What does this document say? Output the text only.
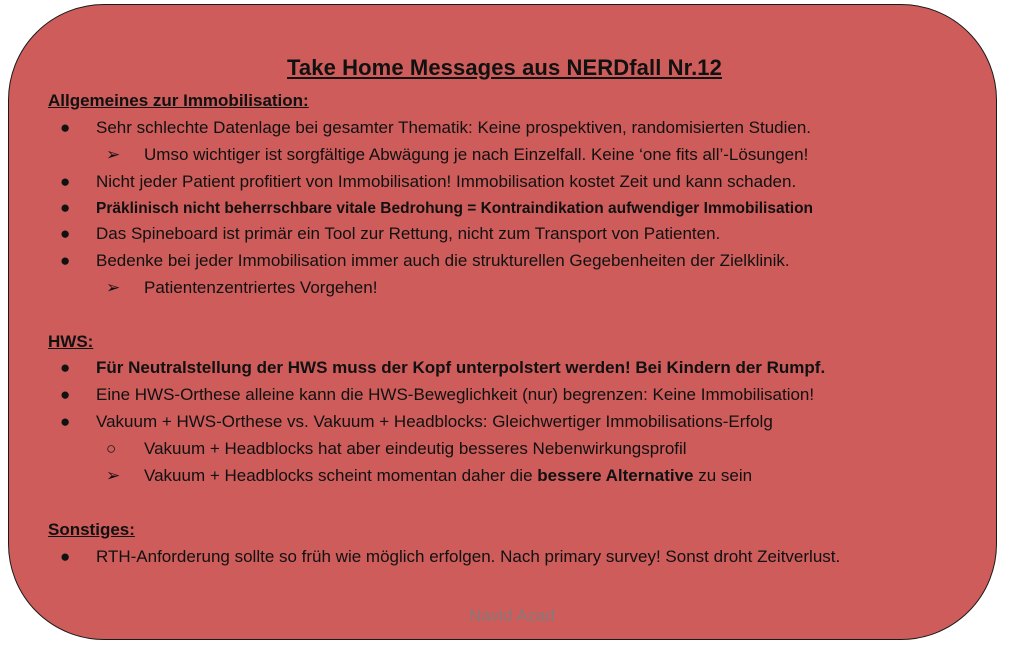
Take Home Messages aus NERDfall Nr.12
Allgemeines zur Immobilisation:
● Sehr schlechte Datenlage bei gesamter Thematik: Keine prospektiven, randomisierten Studien.
➢ Umso wichtiger ist sorgfältige Abwägung je nach Einzelfall. Keine ‘one fits all’-Lösungen!
● Nicht jeder Patient profitiert von Immobilisation! Immobilisation kostet Zeit und kann schaden.
● Präklinisch nicht beherrschbare vitale Bedrohung = Kontraindikation aufwendiger Immobilisation
● Das Spineboard ist primär ein Tool zur Rettung, nicht zum Transport von Patienten.
● Bedenke bei jeder Immobilisation immer auch die strukturellen Gegebenheiten der Zielklinik.
➢ Patientenzentriertes Vorgehen!
HWS:
● Für Neutralstellung der HWS muss der Kopf unterpolstert werden! Bei Kindern der Rumpf.
● Eine HWS-Orthese alleine kann die HWS-Beweglichkeit (nur) begrenzen: Keine Immobilisation!
● Vakuum + HWS-Orthese vs. Vakuum + Headblocks: Gleichwertiger Immobilisations-Erfolg
○ Vakuum + Headblocks hat aber eindeutig besseres Nebenwirkungsprofil
➢ Vakuum + Headblocks scheint momentan daher die bessere Alternative zu sein
Sonstiges:
● RTH-Anforderung sollte so früh wie möglich erfolgen. Nach primary survey! Sonst droht Zeitverlust.
Navid Azad
